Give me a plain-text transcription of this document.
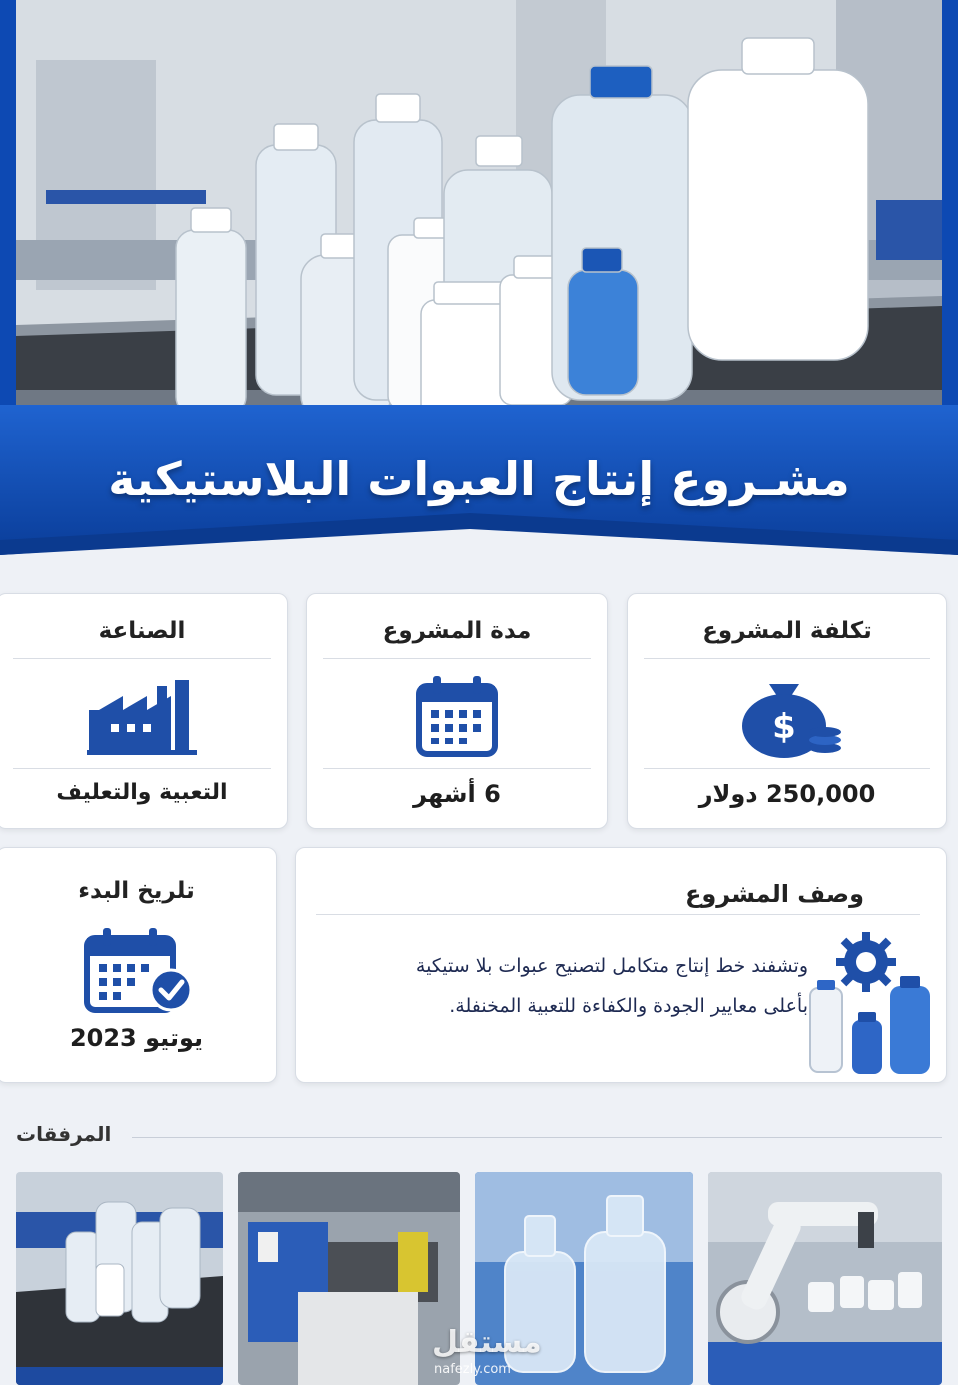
مشـروع إنتاج العبوات البلاستيكية
تكلفة المشروع
$
250,000 دولار
مدة المشروع
6 أشهر
الصناعة
التعبية والتعليف
تلريخ البدء
يوتيو 2023
وصف المشروع
وتشفند خط إنتاج متكامل لتصنيح عبوات بلا ستيكية
بأعلى معايير الجودة والكفاءة للتعبية المخنفلة.
المرفقات
مستقل
nafezly.com
